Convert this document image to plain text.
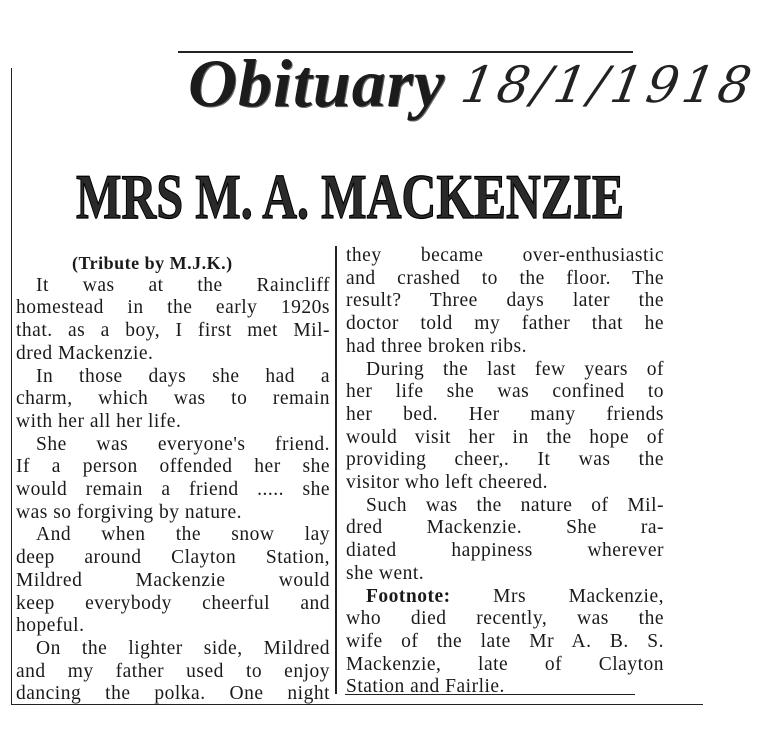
Obituary 18/1/1918
MRS M. A. MACKENZIE
(Tribute by M.J.K.)
It was at the Raincliff
homestead in the early 1920s
that. as a boy, I first met Mil-
dred Mackenzie.
In those days she had a
charm, which was to remain
with her all her life.
She was everyone's friend.
If a person offended her she
would remain a friend ..... she
was so forgiving by nature.
And when the snow lay
deep around Clayton Station,
Mildred Mackenzie would
keep everybody cheerful and
hopeful.
On the lighter side, Mildred
and my father used to enjoy
dancing the polka. One night
they became over-enthusiastic
and crashed to the floor. The
result? Three days later the
doctor told my father that he
had three broken ribs.
During the last few years of
her life she was confined to
her bed. Her many friends
would visit her in the hope of
providing cheer,. It was the
visitor who left cheered.
Such was the nature of Mil-
dred Mackenzie. She ra-
diated happiness wherever
she went.
Footnote: Mrs Mackenzie,
who died recently, was the
wife of the late Mr A. B. S.
Mackenzie, late of Clayton
Station and Fairlie.
